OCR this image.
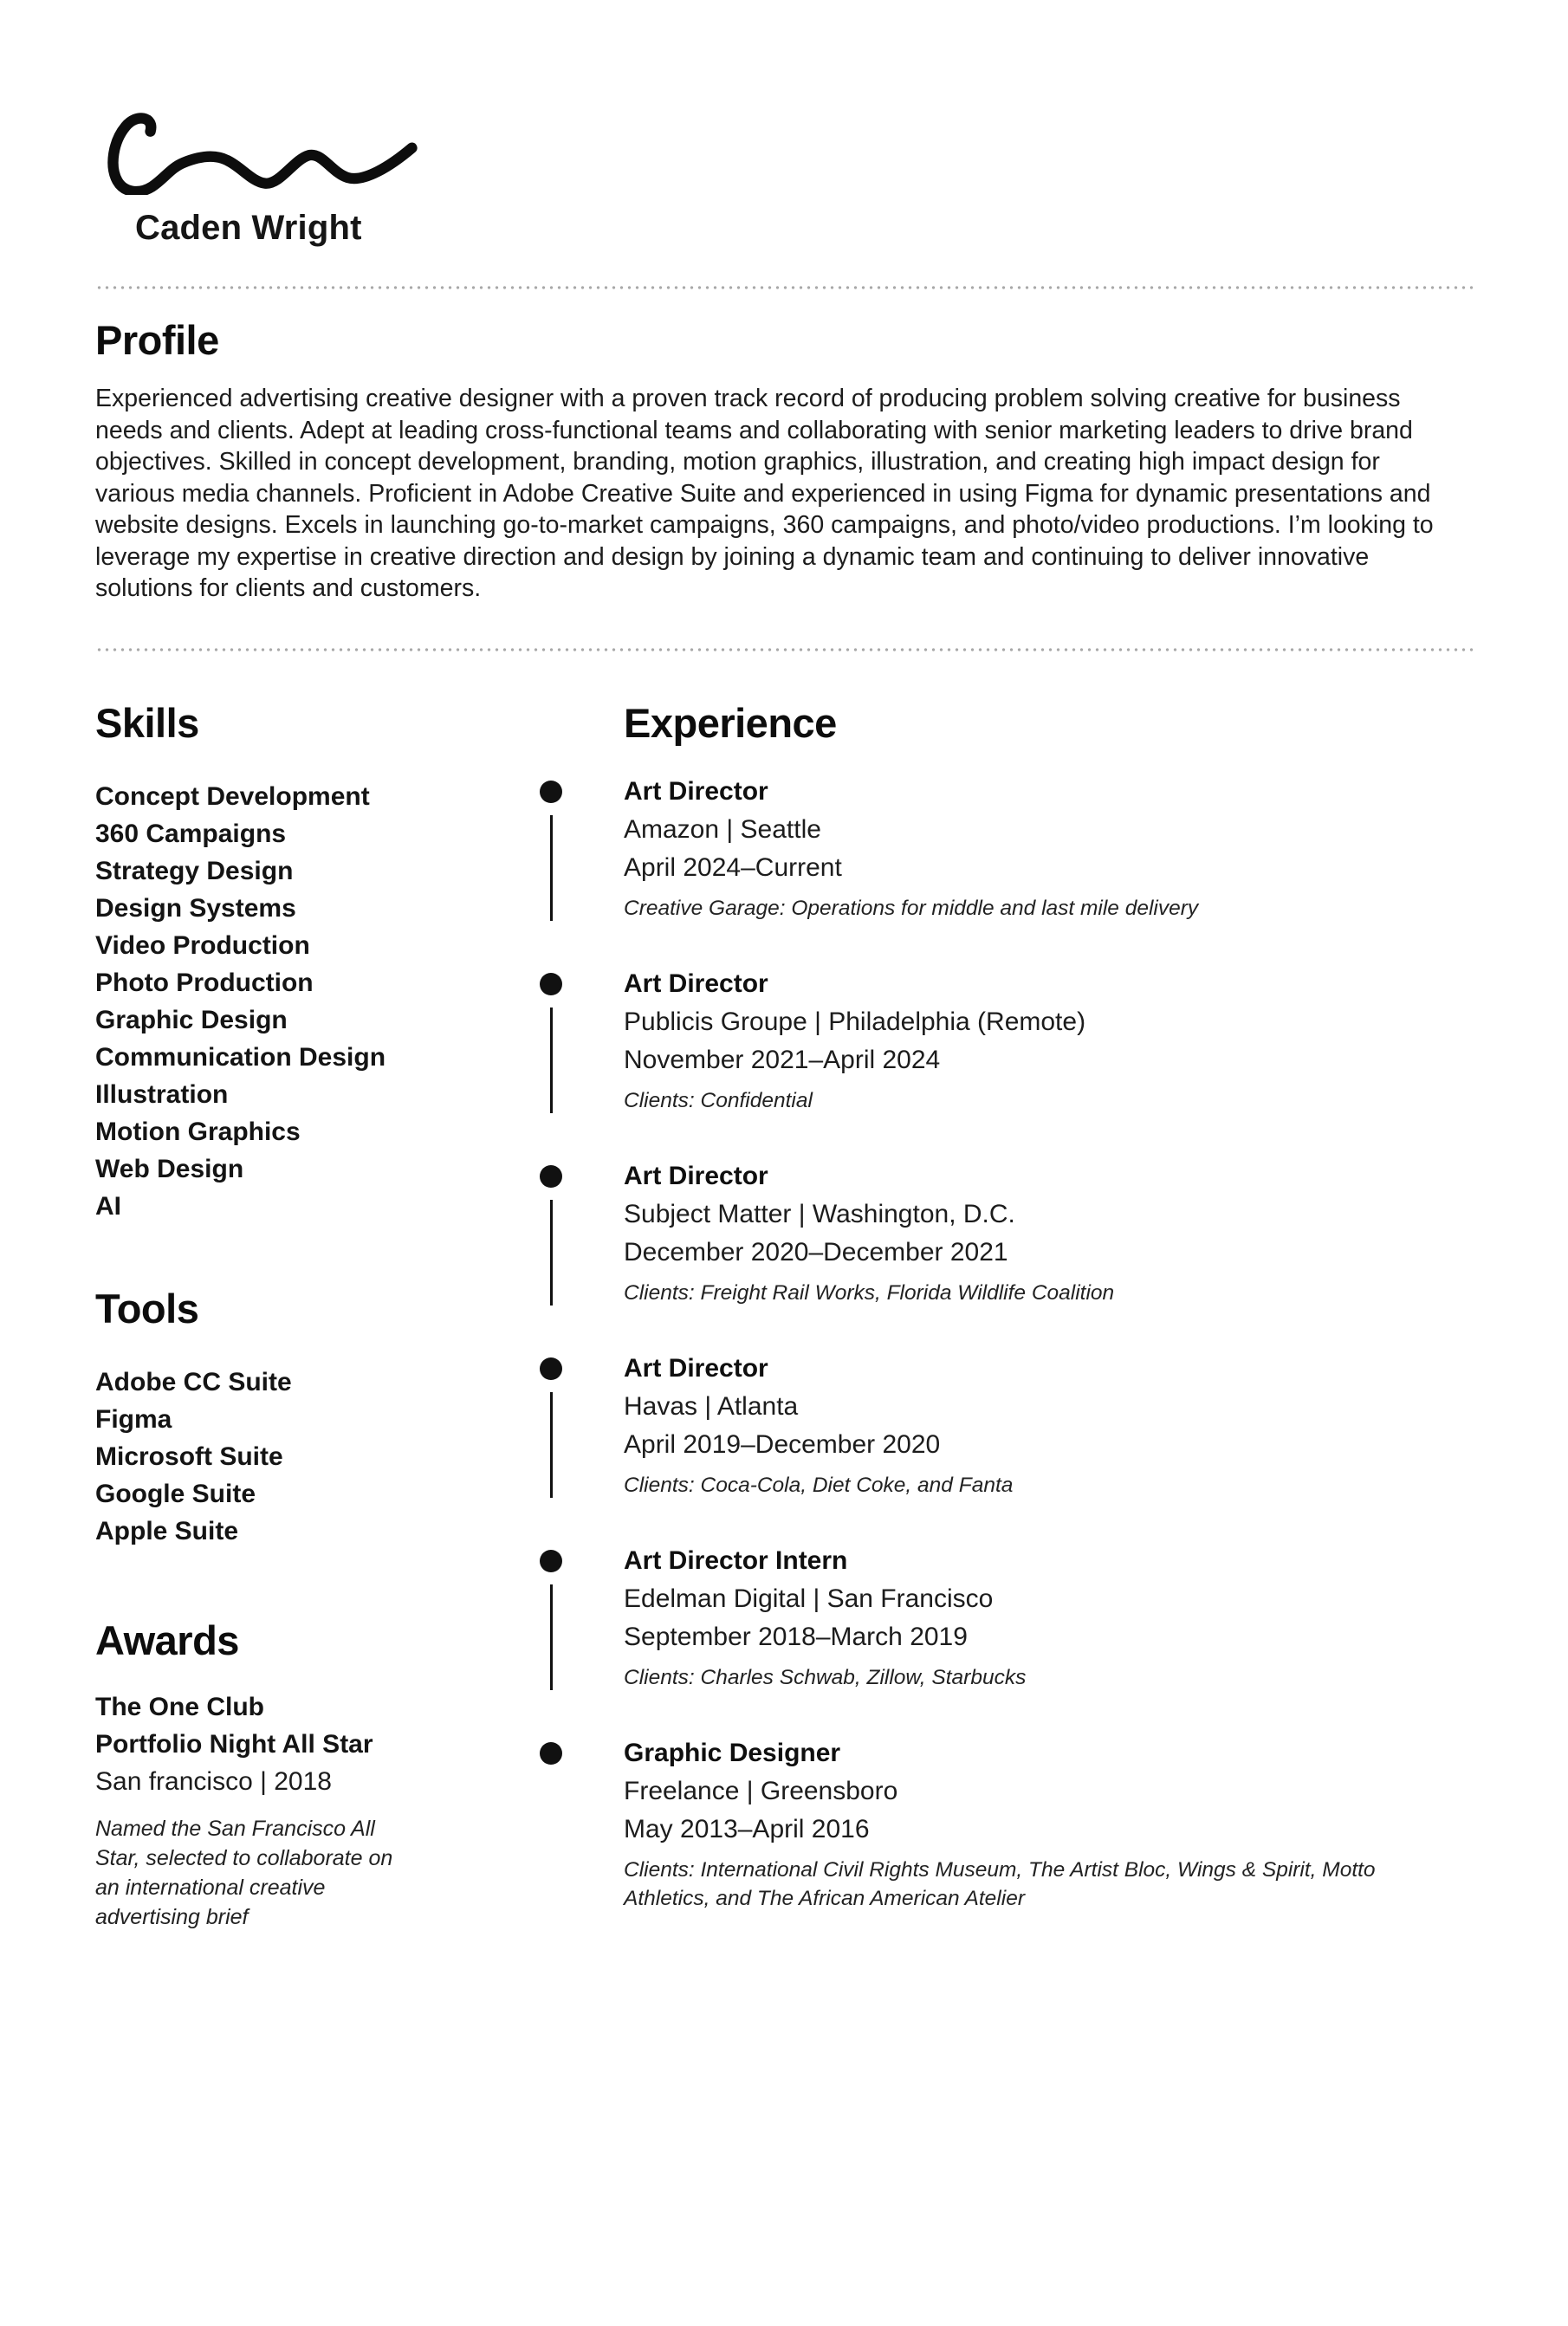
Caden Wright
Profile

Experienced advertising creative designer with a proven track record of producing problem solving creative for business needs and clients. Adept at leading cross-functional teams and collaborating with senior marketing leaders to drive brand objectives. Skilled in concept development, branding, motion graphics, illustration, and creating high impact design for various media channels. Proficient in Adobe Creative Suite and experienced in using Figma for dynamic presentations and website designs. Excels in launching go-to-market campaigns, 360 campaigns, and photo/video productions. I’m looking to leverage my expertise in creative direction and design by joining a dynamic team and continuing to deliver innovative solutions for clients and customers.

Skills
Concept Development
360 Campaigns
Strategy Design
Design Systems
Video Production
Photo Production
Graphic Design
Communication Design
Illustration
Motion Graphics
Web Design
AI
Tools
Adobe CC Suite
Figma
Microsoft Suite
Google Suite
Apple Suite
Awards
The One Club
Portfolio Night All Star
San francisco | 2018
Named the San Francisco All Star, selected to collaborate on an international creative advertising brief
Experience
Art Director
Amazon | Seattle
April 2024–Current
Creative Garage: Operations for middle and last mile delivery
Art Director
Publicis Groupe | Philadelphia (Remote)
November 2021–April 2024
Clients: Confidential
Art Director
Subject Matter | Washington, D.C.
December 2020–December 2021
Clients: Freight Rail Works, Florida Wildlife Coalition
Art Director
Havas | Atlanta
April 2019–December 2020
Clients: Coca-Cola, Diet Coke, and Fanta
Art Director Intern
Edelman Digital | San Francisco
September 2018–March 2019
Clients: Charles Schwab, Zillow, Starbucks
Graphic Designer
Freelance | Greensboro
May 2013–April 2016
Clients: International Civil Rights Museum, The Artist Bloc, Wings & Spirit, Motto Athletics, and The African American Atelier
